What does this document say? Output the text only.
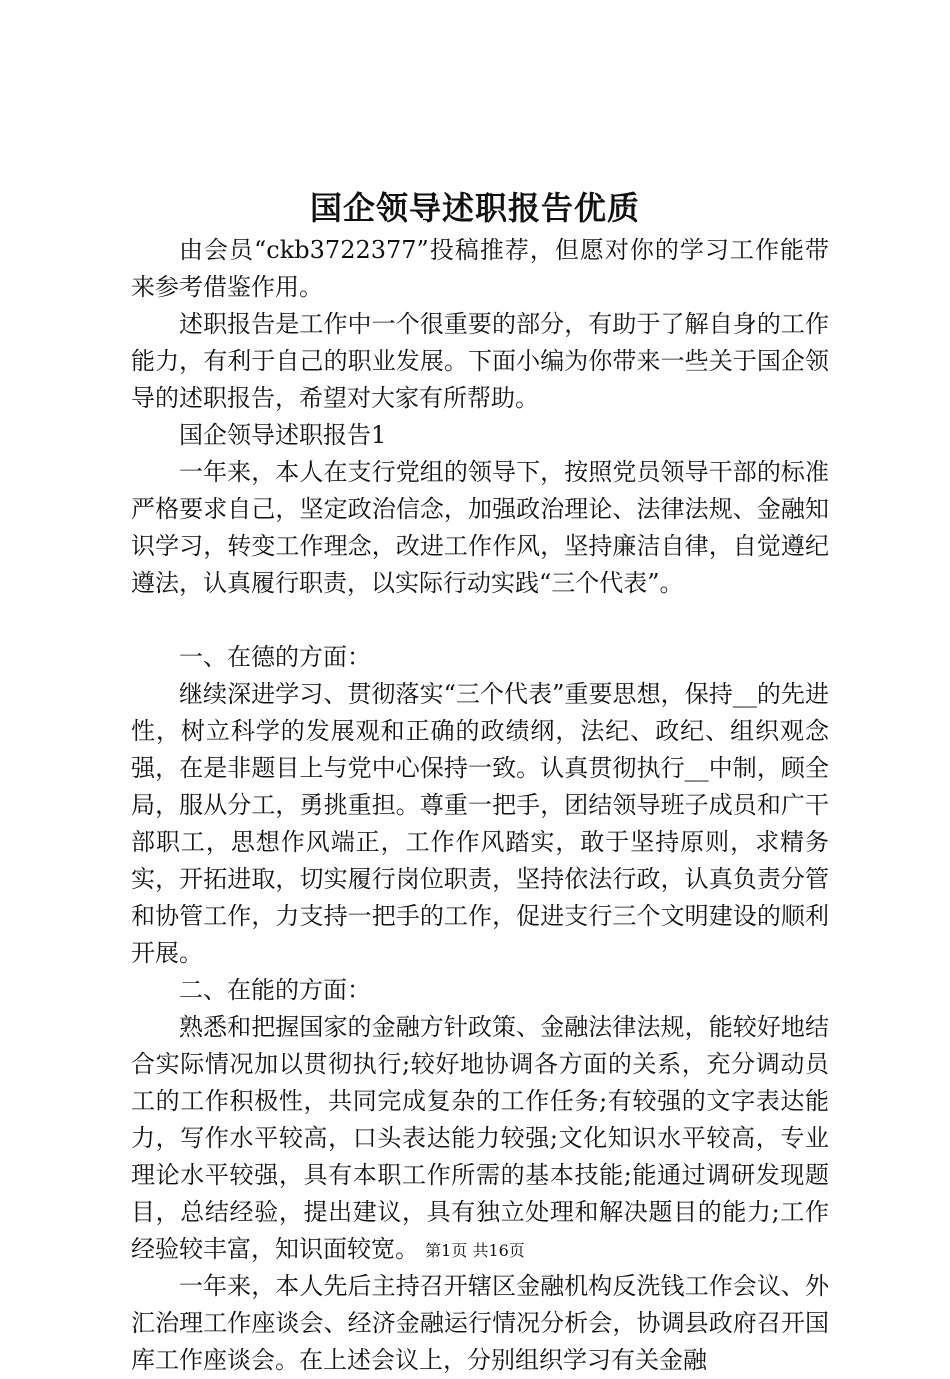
国企领导述职报告优质

由会员“ckb3722377”投稿推荐，但愿对你的学习工作能带来参考借鉴作用。

述职报告是工作中一个很重要的部分，有助于了解自身的工作能力，有利于自己的职业发展。下面小编为你带来一些关于国企领导的述职报告，希望对大家有所帮助。

国企领导述职报告1

一年来，本人在支行党组的领导下，按照党员领导干部的标准严格要求自己，坚定政治信念，加强政治理论、法律法规、金融知识学习，转变工作理念，改进工作作风，坚持廉洁自律，自觉遵纪遵法，认真履行职责，以实际行动实践“三个代表”。

一、在德的方面：

继续深进学习、贯彻落实“三个代表”重要思想，保持__的先进性，树立科学的发展观和正确的政绩纲，法纪、政纪、组织观念强，在是非题目上与党中心保持一致。认真贯彻执行__中制，顾全局，服从分工，勇挑重担。尊重一把手，团结领导班子成员和广干部职工，思想作风端正，工作作风踏实，敢于坚持原则，求精务实，开拓进取，切实履行岗位职责，坚持依法行政，认真负责分管和协管工作，力支持一把手的工作，促进支行三个文明建设的顺利开展。

二、在能的方面：

熟悉和把握国家的金融方针政策、金融法律法规，能较好地结合实际情况加以贯彻执行;较好地协调各方面的关系，充分调动员工的工作积极性，共同完成复杂的工作任务;有较强的文字表达能力，写作水平较高，口头表达能力较强;文化知识水平较高，专业理论水平较强，具有本职工作所需的基本技能;能通过调研发现题目，总结经验，提出建议，具有独立处理和解决题目的能力;工作经验较丰富，知识面较宽。

一年来，本人先后主持召开辖区金融机构反洗钱工作会议、外汇治理工作座谈会、经济金融运行情况分析会，协调县政府召开国库工作座谈会。在上述会议上，分别组织学习有关金融

第1页 共16页
